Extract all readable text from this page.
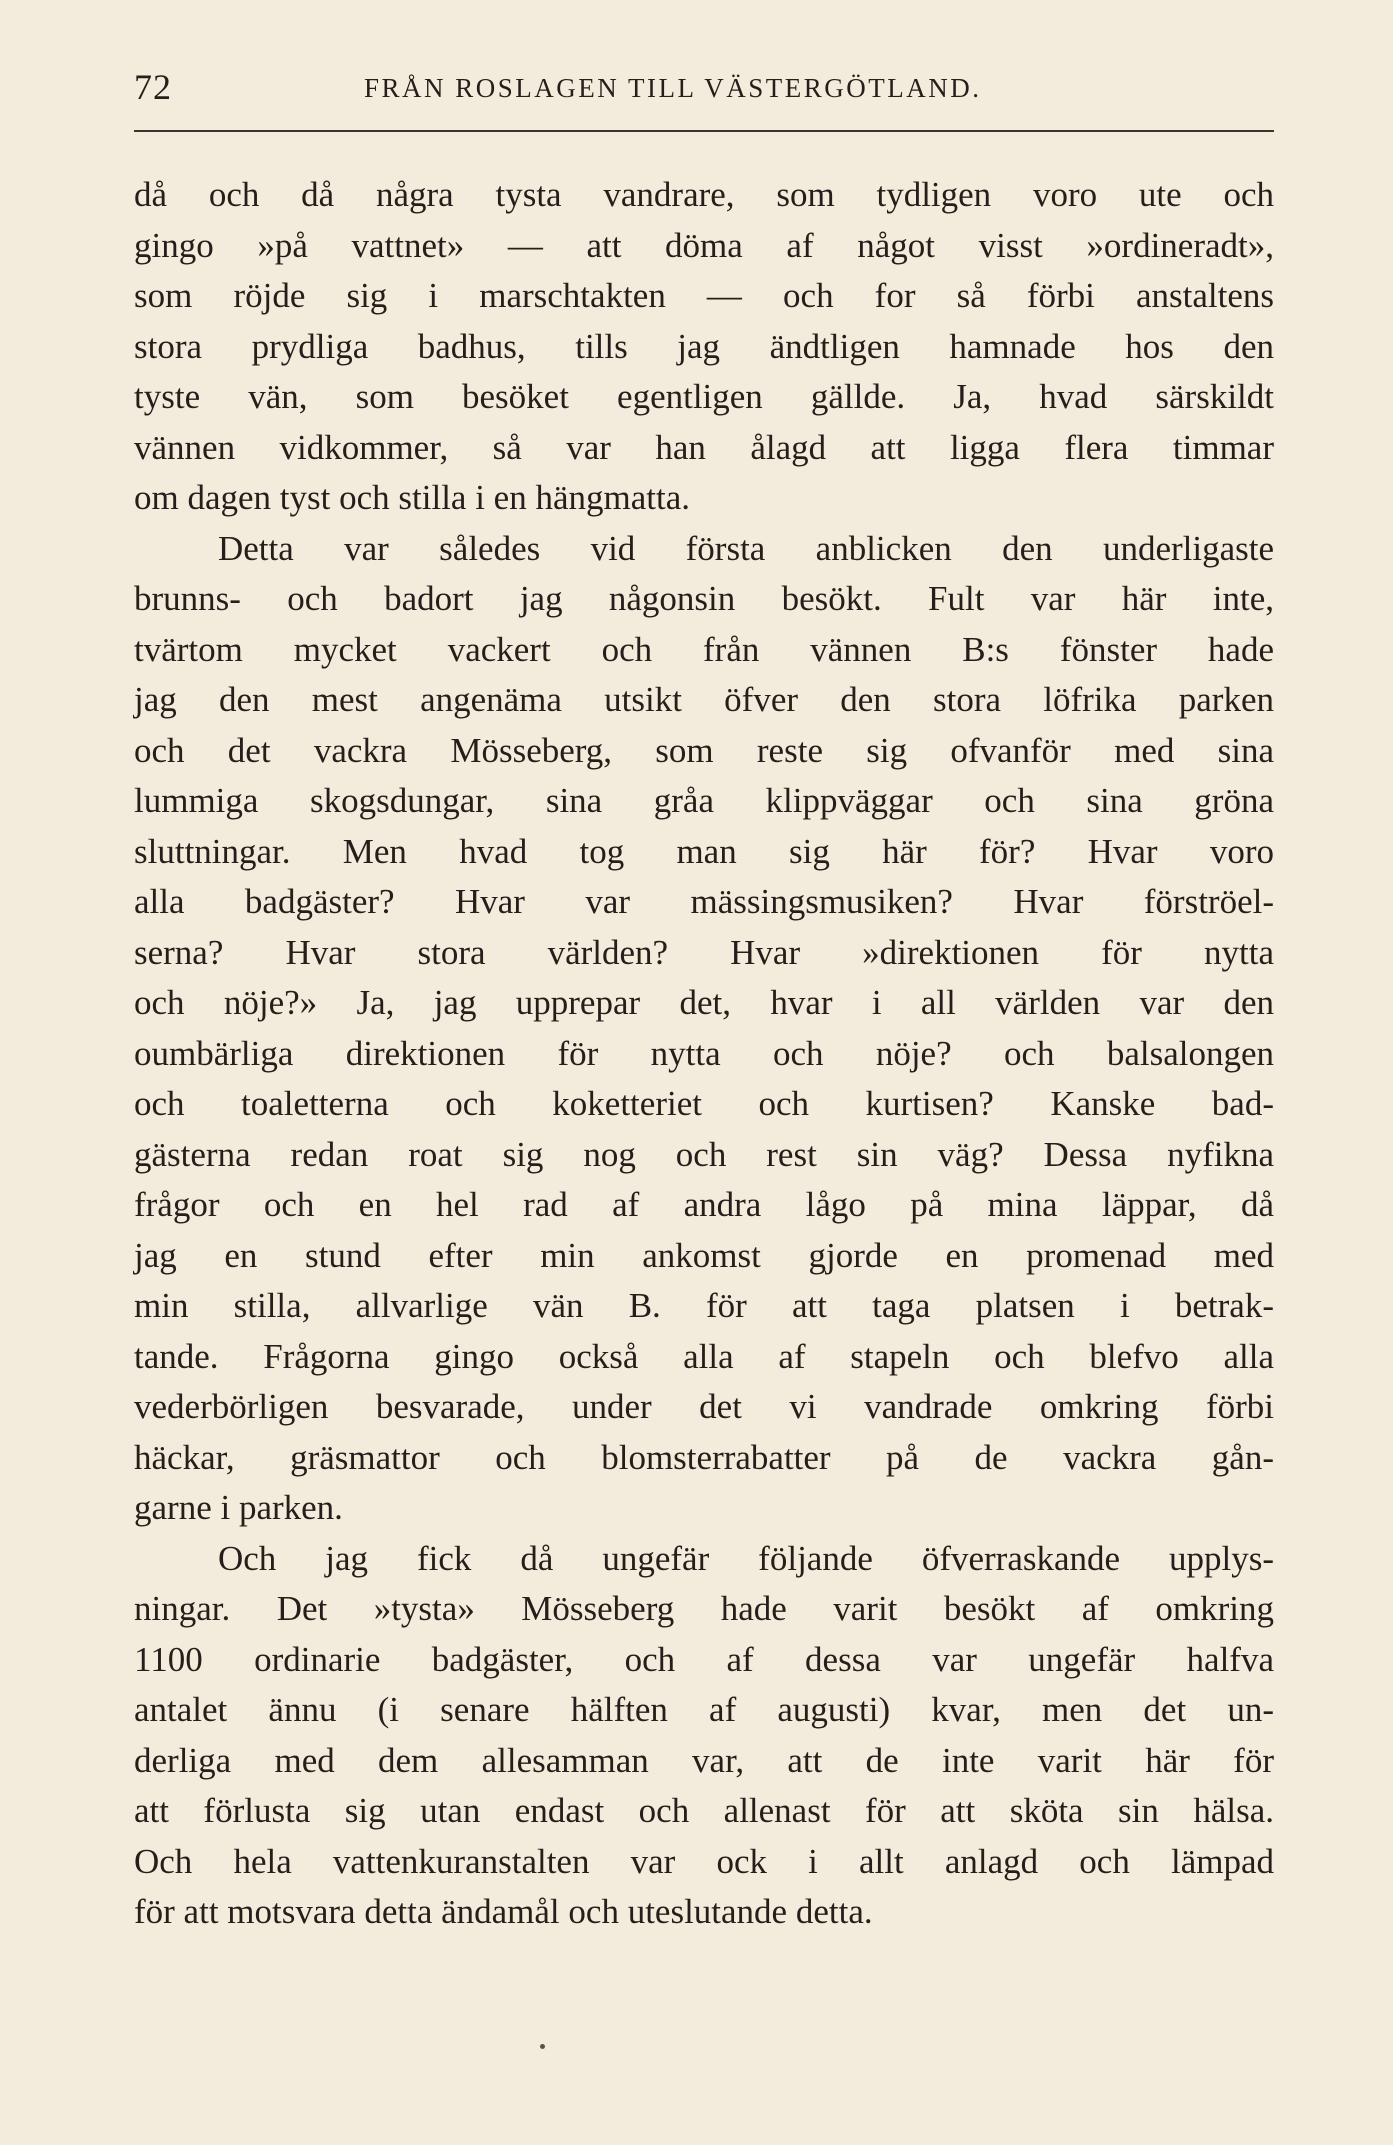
72	FRÅN ROSLAGEN TILL VÄSTERGÖTLAND.
då och då några tysta vandrare, som tydligen voro ute och
gingo »på vattnet» — att döma af något visst »ordineradt»,
som röjde sig i marschtakten — och for så förbi anstaltens
stora prydliga badhus, tills jag ändtligen hamnade hos den
tyste vän, som besöket egentligen gällde. Ja, hvad särskildt
vännen vidkommer, så var han ålagd att ligga flera timmar
om dagen tyst och stilla i en hängmatta.
Detta var således vid första anblicken den underligaste
brunns- och badort jag någonsin besökt. Fult var här inte,
tvärtom mycket vackert och från vännen B:s fönster hade
jag den mest angenäma utsikt öfver den stora löfrika parken
och det vackra Mösseberg, som reste sig ofvanför med sina
lummiga skogsdungar, sina gråa klippväggar och sina gröna
sluttningar. Men hvad tog man sig här för? Hvar voro
alla badgäster? Hvar var mässingsmusiken? Hvar förströel-
serna? Hvar stora världen? Hvar »direktionen för nytta
och nöje?» Ja, jag upprepar det, hvar i all världen var den
oumbärliga direktionen för nytta och nöje? och balsalongen
och toaletterna och koketteriet och kurtisen? Kanske bad-
gästerna redan roat sig nog och rest sin väg? Dessa nyfikna
frågor och en hel rad af andra lågo på mina läppar, då
jag en stund efter min ankomst gjorde en promenad med
min stilla, allvarlige vän B. för att taga platsen i betrak-
tande. Frågorna gingo också alla af stapeln och blefvo alla
vederbörligen besvarade, under det vi vandrade omkring förbi
häckar, gräsmattor och blomsterrabatter på de vackra gån-
garne i parken.
Och jag fick då ungefär följande öfverraskande upplys-
ningar. Det »tysta» Mösseberg hade varit besökt af omkring
1100 ordinarie badgäster, och af dessa var ungefär halfva
antalet ännu (i senare hälften af augusti) kvar, men det un-
derliga med dem allesamman var, att de inte varit här för
att förlusta sig utan endast och allenast för att sköta sin hälsa.
Och hela vattenkuranstalten var ock i allt anlagd och lämpad
för att motsvara detta ändamål och uteslutande detta.
